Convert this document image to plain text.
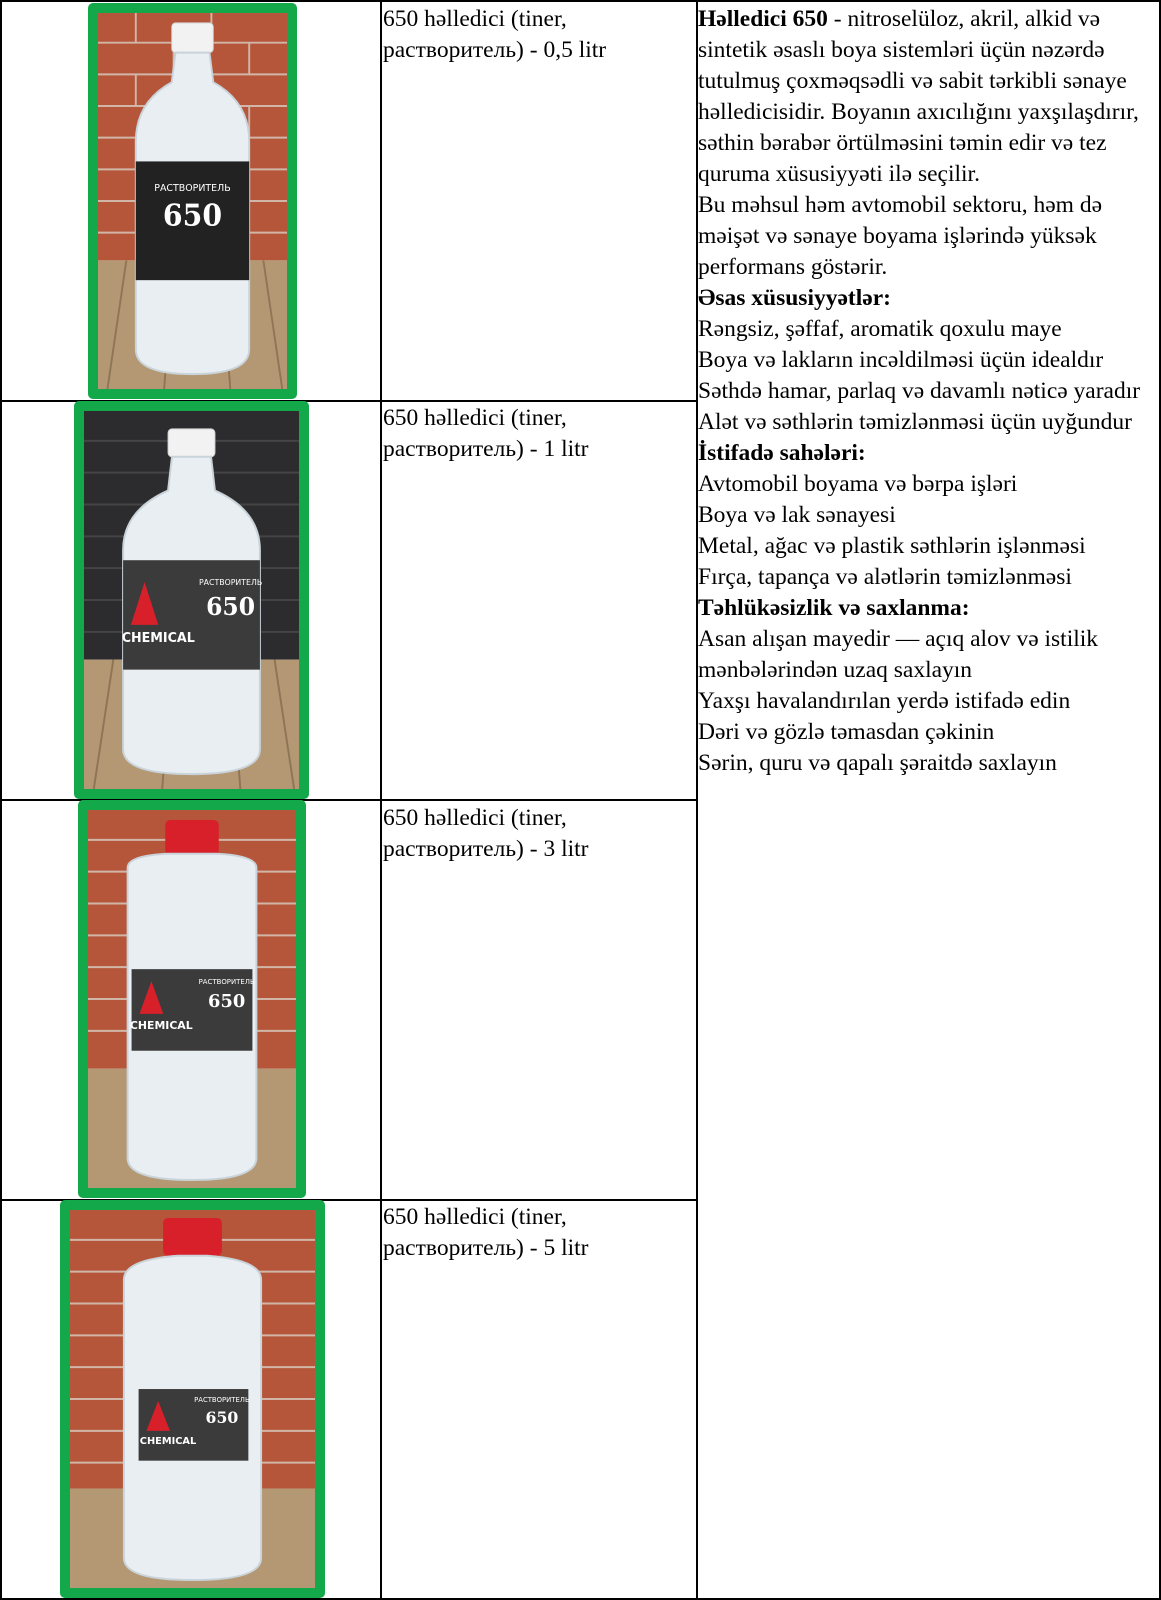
РАСТВОРИТЕЛЬ
650
РАСТВОРИТЕЛЬ
650
CHEMICAL
РАСТВОРИТЕЛЬ
650
CHEMICAL
РАСТВОРИТЕЛЬ
650
CHEMICAL
650 həlledici (tiner, растворитель) - 0,5 litr
650 həlledici (tiner, растворитель) - 1 litr
650 həlledici (tiner, растворитель) - 3 litr
650 həlledici (tiner, растворитель) - 5 litr

Həlledici 650 - nitroselüloz, akril, alkid və sintetik əsaslı boya sistemləri üçün nəzərdə tutulmuş çoxməqsədli və sabit tərkibli sənaye həlledicisidir. Boyanın axıcılığını yaxşılaşdırır, səthin bərabər örtülməsini təmin edir və tez quruma xüsusiyyəti ilə seçilir.

Bu məhsul həm avtomobil sektoru, həm də məişət və sənaye boyama işlərində yüksək performans göstərir.

Əsas xüsusiyyətlər:

Rəngsiz, şəffaf, aromatik qoxulu maye

Boya və lakların incəldilməsi üçün idealdır

Səthdə hamar, parlaq və davamlı nəticə yaradır

Alət və səthlərin təmizlənməsi üçün uyğundur

İstifadə sahələri:

Avtomobil boyama və bərpa işləri

Boya və lak sənayesi

Metal, ağac və plastik səthlərin işlənməsi

Fırça, tapança və alətlərin təmizlənməsi

Təhlükəsizlik və saxlanma:

Asan alışan mayedir — açıq alov və istilik mənbələrindən uzaq saxlayın

Yaxşı havalandırılan yerdə istifadə edin

Dəri və gözlə təmasdan çəkinin

Sərin, quru və qapalı şəraitdə saxlayın
